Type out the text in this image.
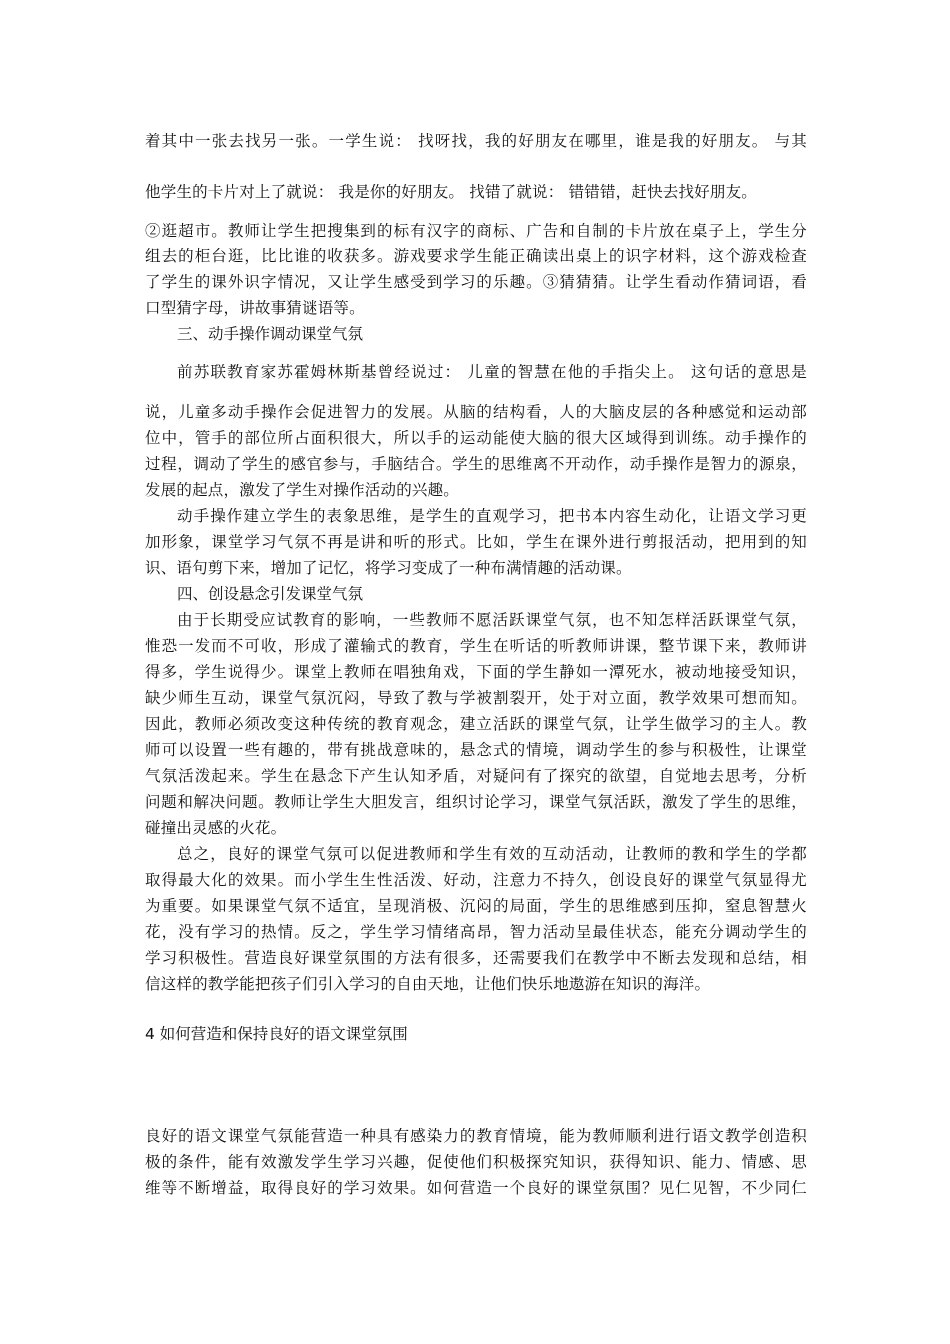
着其中一张去找另一张。一学生说： 找呀找，我的好朋友在哪里，谁是我的好朋友。 与其
他学生的卡片对上了就说： 我是你的好朋友。 找错了就说： 错错错，赶快去找好朋友。
②逛超市。教师让学生把搜集到的标有汉字的商标、广告和自制的卡片放在桌子上，学生分
组去的柜台逛，比比谁的收获多。游戏要求学生能正确读出桌上的识字材料，这个游戏检查
了学生的课外识字情况，又让学生感受到学习的乐趣。③猜猜猜。让学生看动作猜词语，看
口型猜字母，讲故事猜谜语等。
三、动手操作调动课堂气氛
前苏联教育家苏霍姆林斯基曾经说过： 儿童的智慧在他的手指尖上。 这句话的意思是
说，儿童多动手操作会促进智力的发展。从脑的结构看，人的大脑皮层的各种感觉和运动部
位中，管手的部位所占面积很大，所以手的运动能使大脑的很大区域得到训练。动手操作的
过程，调动了学生的感官参与，手脑结合。学生的思维离不开动作，动手操作是智力的源泉，
发展的起点，激发了学生对操作活动的兴趣。
动手操作建立学生的表象思维，是学生的直观学习，把书本内容生动化，让语文学习更
加形象，课堂学习气氛不再是讲和听的形式。比如，学生在课外进行剪报活动，把用到的知
识、语句剪下来，增加了记忆，将学习变成了一种布满情趣的活动课。
四、创设悬念引发课堂气氛
由于长期受应试教育的影响，一些教师不愿活跃课堂气氛，也不知怎样活跃课堂气氛，
惟恐一发而不可收，形成了灌输式的教育，学生在听话的听教师讲课，整节课下来，教师讲
得多，学生说得少。课堂上教师在唱独角戏，下面的学生静如一潭死水，被动地接受知识，
缺少师生互动，课堂气氛沉闷，导致了教与学被割裂开，处于对立面，教学效果可想而知。
因此，教师必须改变这种传统的教育观念，建立活跃的课堂气氛，让学生做学习的主人。教
师可以设置一些有趣的，带有挑战意味的，悬念式的情境，调动学生的参与积极性，让课堂
气氛活泼起来。学生在悬念下产生认知矛盾，对疑问有了探究的欲望，自觉地去思考，分析
问题和解决问题。教师让学生大胆发言，组织讨论学习，课堂气氛活跃，激发了学生的思维，
碰撞出灵感的火花。
总之，良好的课堂气氛可以促进教师和学生有效的互动活动，让教师的教和学生的学都
取得最大化的效果。而小学生生性活泼、好动，注意力不持久，创设良好的课堂气氛显得尤
为重要。如果课堂气氛不适宜，呈现消极、沉闷的局面，学生的思维感到压抑，窒息智慧火
花，没有学习的热情。反之，学生学习情绪高昂，智力活动呈最佳状态，能充分调动学生的
学习积极性。营造良好课堂氛围的方法有很多，还需要我们在教学中不断去发现和总结，相
信这样的教学能把孩子们引入学习的自由天地，让他们快乐地遨游在知识的海洋。
4 如何营造和保持良好的语文课堂氛围
良好的语文课堂气氛能营造一种具有感染力的教育情境，能为教师顺利进行语文教学创造积
极的条件，能有效激发学生学习兴趣，促使他们积极探究知识，获得知识、能力、情感、思
维等不断增益，取得良好的学习效果。如何营造一个良好的课堂氛围？见仁见智，不少同仁
